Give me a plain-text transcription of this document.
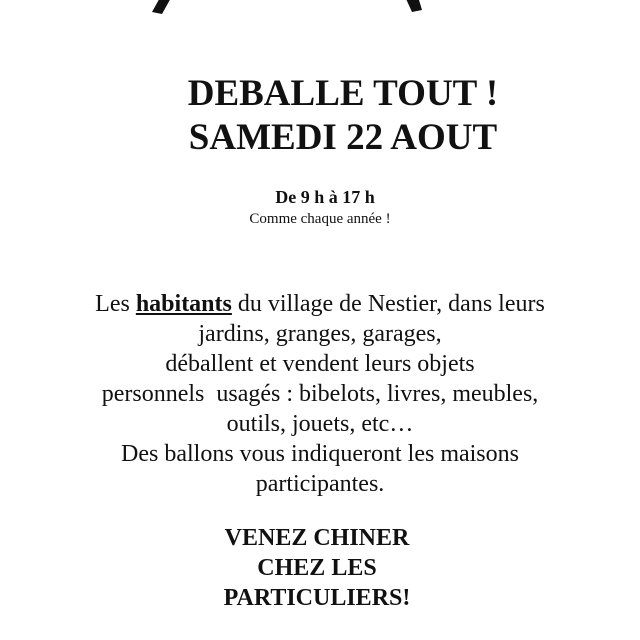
DEBALLE TOUT !
SAMEDI 22 AOUT
De 9 h à 17 h
Comme chaque année !
Les habitants du village de Nestier, dans leurs
jardins, granges, garages,
déballent et vendent leurs objets
personnels  usagés : bibelots, livres, meubles,
outils, jouets, etc…
Des ballons vous indiqueront les maisons
participantes.
VENEZ CHINER
CHEZ LES
PARTICULIERS!
